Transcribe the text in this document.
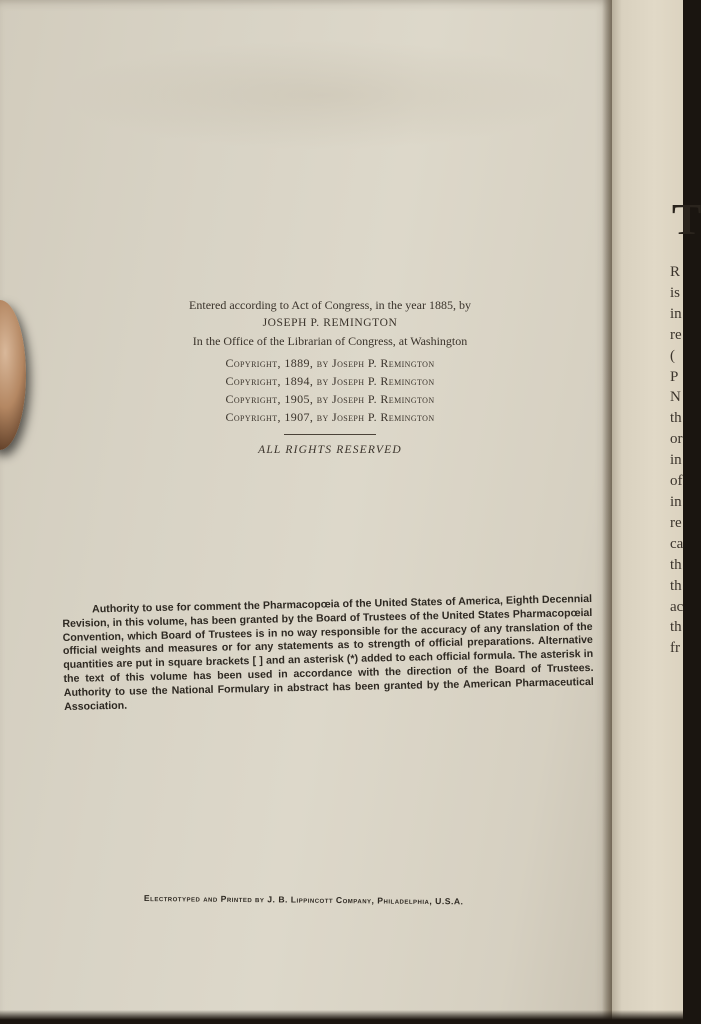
Entered according to Act of Congress, in the year 1885, by
JOSEPH P. REMINGTON
In the Office of the Librarian of Congress, at Washington
Copyright, 1889, by Joseph P. Remington
Copyright, 1894, by Joseph P. Remington
Copyright, 1905, by Joseph P. Remington
Copyright, 1907, by Joseph P. Remington
ALL RIGHTS RESERVED

Authority to use for comment the Pharmacopœia of the United States of America, Eighth Decennial Revision, in this volume, has been granted by the Board of Trustees of the United States Pharmacopœial Convention, which Board of Trustees is in no way responsible for the accuracy of any translation of the official weights and measures or for any statements as to strength of official preparations. Alternative quantities are put in square brackets [ ] and an asterisk (*) added to each official formula. The asterisk in the text of this volume has been used in accordance with the direction of the Board of Trustees. Authority to use the National Formulary in abstract has been granted by the American Pharmaceutical Association.

Electrotyped and Printed by J. B. Lippincott Company, Philadelphia, U.S.A.
T
R
is
in
re
(
P
N
th
or
in
of
in
re
ca
th
th
ac
th
fr
